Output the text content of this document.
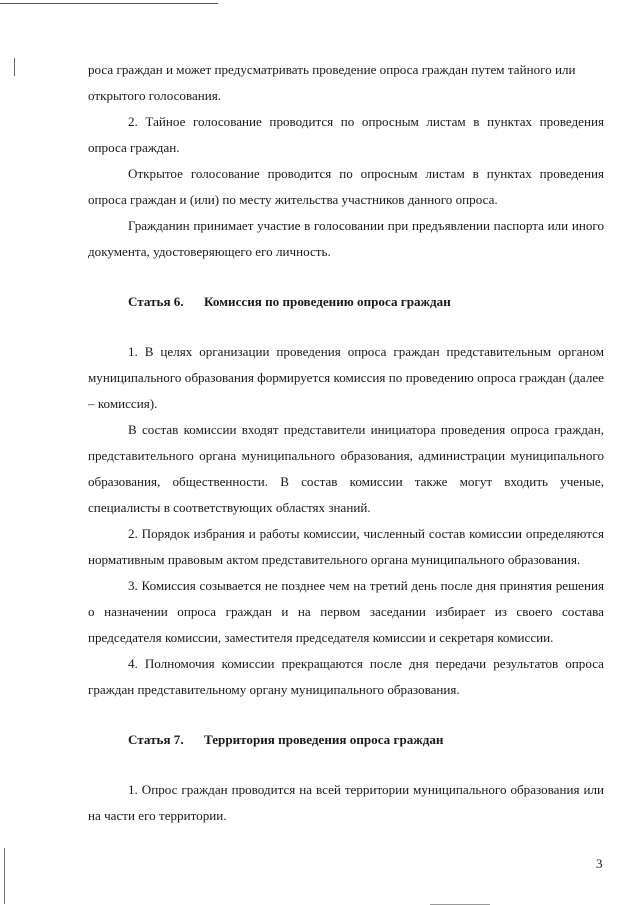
роса граждан и может предусматривать проведение опроса граждан путем тайного или открытого голосования.

2. Тайное голосование проводится по опросным листам в пунктах проведения опроса граждан.

Открытое голосование проводится по опросным листам в пунктах проведения опроса граждан и (или) по месту жительства участников данного опроса.

Гражданин принимает участие в голосовании при предъявлении паспорта или иного документа, удостоверяющего его личность.

Статья 6. Комиссия по проведению опроса граждан

1. В целях организации проведения опроса граждан представительным органом муниципального образования формируется комиссия по проведению опроса граждан (далее – комиссия).

В состав комиссии входят представители инициатора проведения опроса граждан, представительного органа муниципального образования, администрации муниципального образования, общественности. В состав комиссии также могут входить ученые, специалисты в соответствующих областях знаний.

2. Порядок избрания и работы комиссии, численный состав комиссии определяются нормативным правовым актом представительного органа муниципального образования.

3. Комиссия созывается не позднее чем на третий день после дня принятия решения о назначении опроса граждан и на первом заседании избирает из своего состава председателя комиссии, заместителя председателя комиссии и секретаря комиссии.

4. Полномочия комиссии прекращаются после дня передачи результатов опроса граждан представительному органу муниципального образования.

Статья 7. Территория проведения опроса граждан

1. Опрос граждан проводится на всей территории муниципального образования или на части его территории.

3
